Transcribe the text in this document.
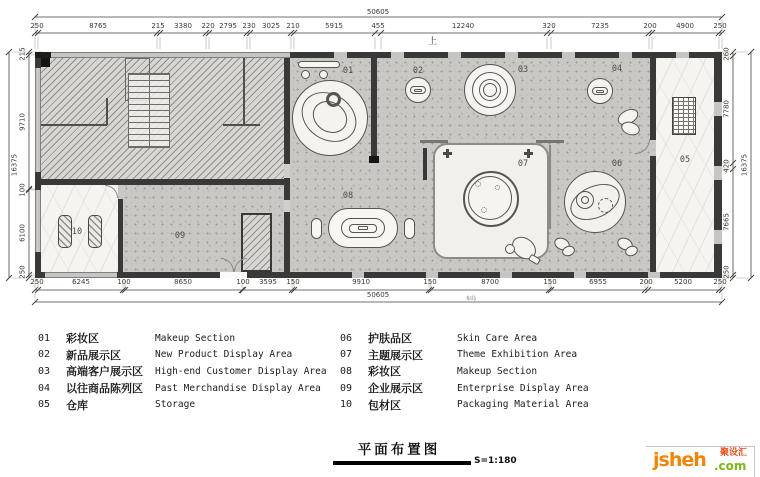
50605
250	8765	215 3380 220 2795 230 3025 210	5915	455	12240	320	7235	200	4900	250
250	6245	100	8650	100 3595 150	9910	150	8700	150	6955	200	5200	250
50605
16375
215
9710
100
6100
250
260
7780
420
7665
250
16375
上
布局
01	02	03	04
05
06
07
08
09
10
01	彩妆区	Makeup Section
02	新品展示区	New Product Display Area
03	高端客户展示区	High-end Customer Display Area
04	以往商品陈列区	Past Merchandise Display Area
05	仓库	Storage
06	护肤品区	Skin Care Area
07	主题展示区	Theme Exhibition Area
08	彩妆区	Makeup Section
09	企业展示区	Enterprise Display Area
10	包材区	Packaging Material Area
平面布置图
S=1:180	jsheh 聚设汇
.com
